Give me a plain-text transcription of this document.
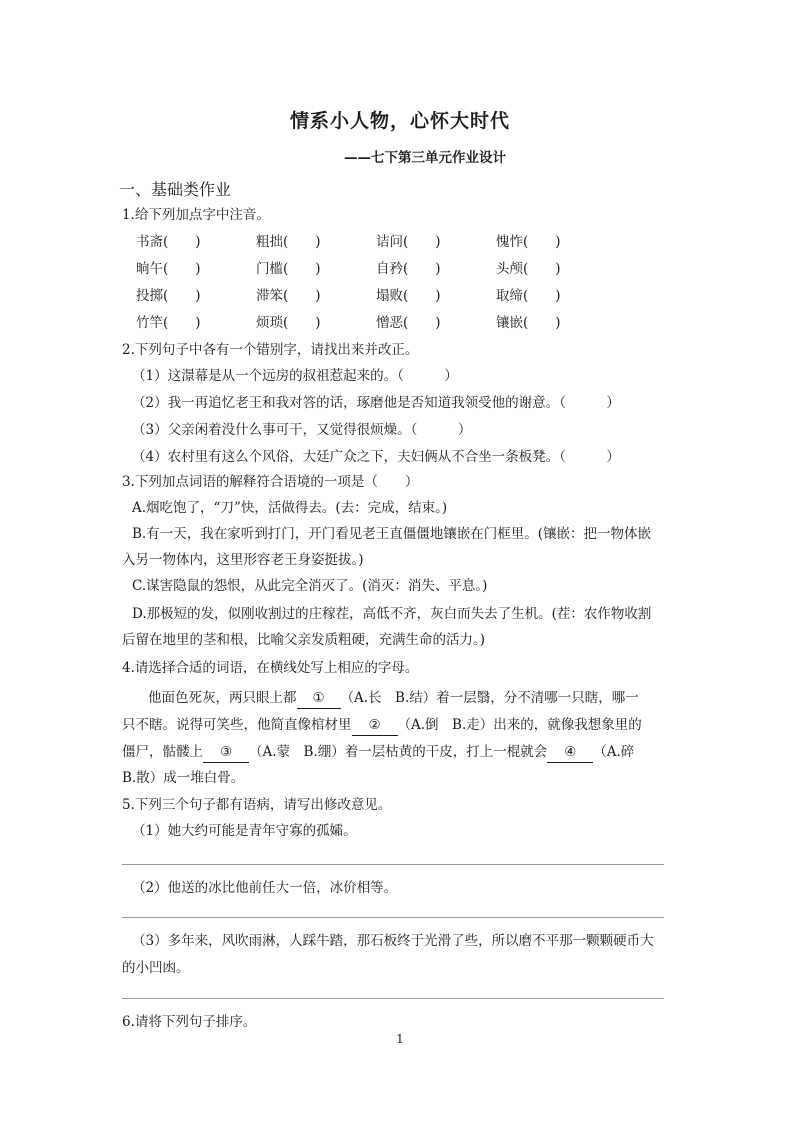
情系小人物，心怀大时代
——七下第三单元作业设计
一、基础类作业
1.给下列加点字中注音。
书斋(　　)	粗拙(　　)	诘问(　　)	愧怍(　　)
晌午(　　)	门槛(　　)	自矜(　　)	头颅(　　)
投掷(　　)	滞笨(　　)	塌败(　　)	取缔(　　)
竹竿(　　)	烦琐(　　)	憎恶(　　)	镶嵌(　　)
2.下列句子中各有一个错别字，请找出来并改正。
（1）这澋幕是从一个远房的叔祖惹起来的。（　　　）
（2）我一再追忆老王和我对答的话，琢磨他是否知道我领受他的谢意。（　　　）
（3）父亲闲着没什么事可干，又觉得很烦燥。（　　　）
（4）农村里有这么个风俗，大廷广众之下，夫妇俩从不合坐一条板凳。（　　　）
3.下列加点词语的解释符合语境的一项是（　　）
A.烟吃饱了，“刀”快，活做得去。(去：完成，结束。)
B.有一天，我在家听到打门，开门看见老王直僵僵地镶嵌在门框里。(镶嵌：把一物体嵌
入另一物体内，这里形容老王身姿挺拔。)
C.谋害隐鼠的怨恨，从此完全消灭了。(消灭：消失、平息。)
D.那极短的发，似刚收割过的庄稼茬，高低不齐，灰白而失去了生机。(茬：农作物收割
后留在地里的茎和根，比喻父亲发质粗硬，充满生命的活力。)
4.请选择合适的词语，在横线处写上相应的字母。
他面色死灰，两只眼上都 ① （A.长　B.结）着一层翳，分不清哪一只瞎，哪一
只不瞎。说得可笑些，他简直像棺材里 ② （A.倒　B.走）出来的，就像我想象里的
僵尸，骷髅上 ③ （A.蒙　B.绷）着一层枯黄的干皮，打上一棍就会 ④ （A.碎
B.散）成一堆白骨。
5.下列三个句子都有语病，请写出修改意见。
（1）她大约可能是青年守寡的孤孀。
（2）他送的冰比他前任大一倍，冰价相等。
（3）多年来，风吹雨淋，人踩牛踏，那石板终于光滑了些，所以磨不平那一颗颗硬币大
的小凹凼。
6.请将下列句子排序。
1
